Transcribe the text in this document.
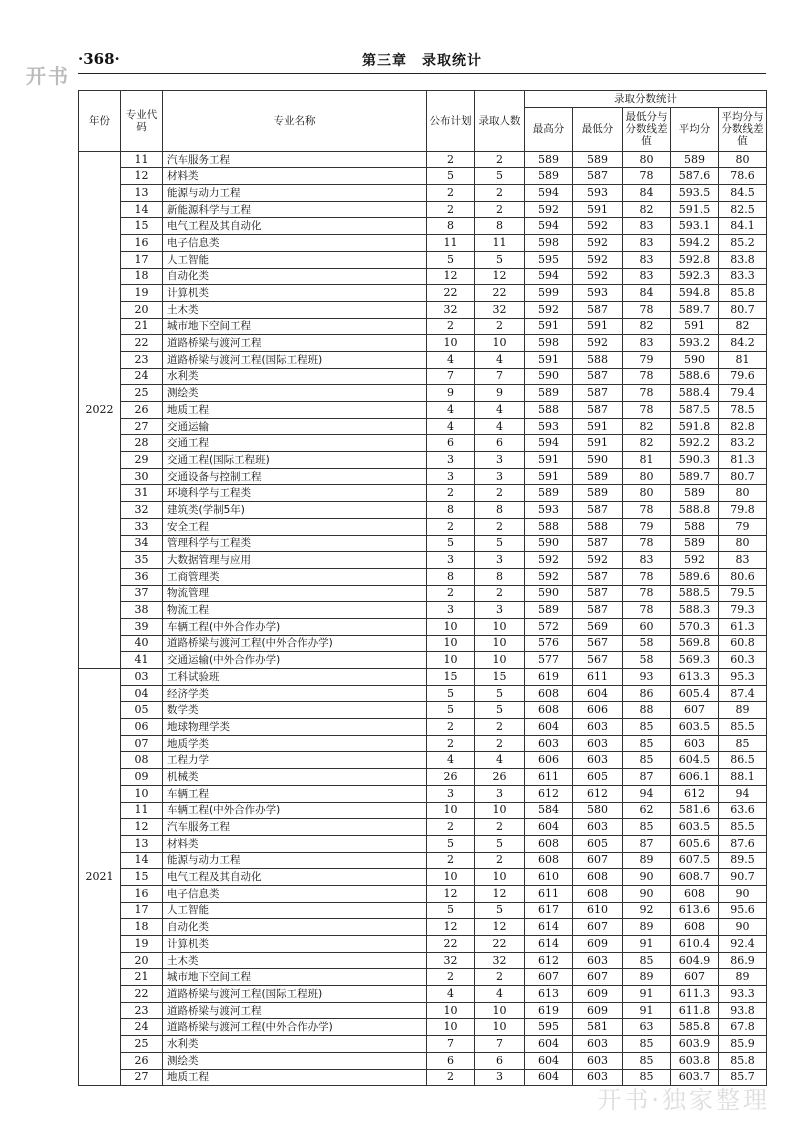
开书
·368·	第三章　录取统计
年份	专业代码	专业名称	公布计划	录取人数	录取分数统计				
					最高分	最低分	最低分与分数线差值	平均分	平均分与分数线差值
2022	11	汽车服务工程	2	2	589	589	80	589	80
	12	材料类	5	5	589	587	78	587.6	78.6
	13	能源与动力工程	2	2	594	593	84	593.5	84.5
	14	新能源科学与工程	2	2	592	591	82	591.5	82.5
	15	电气工程及其自动化	8	8	594	592	83	593.1	84.1
	16	电子信息类	11	11	598	592	83	594.2	85.2
	17	人工智能	5	5	595	592	83	592.8	83.8
	18	自动化类	12	12	594	592	83	592.3	83.3
	19	计算机类	22	22	599	593	84	594.8	85.8
	20	土木类	32	32	592	587	78	589.7	80.7
	21	城市地下空间工程	2	2	591	591	82	591	82
	22	道路桥梁与渡河工程	10	10	598	592	83	593.2	84.2
	23	道路桥梁与渡河工程(国际工程班)	4	4	591	588	79	590	81
	24	水利类	7	7	590	587	78	588.6	79.6
	25	测绘类	9	9	589	587	78	588.4	79.4
	26	地质工程	4	4	588	587	78	587.5	78.5
	27	交通运输	4	4	593	591	82	591.8	82.8
	28	交通工程	6	6	594	591	82	592.2	83.2
	29	交通工程(国际工程班)	3	3	591	590	81	590.3	81.3
	30	交通设备与控制工程	3	3	591	589	80	589.7	80.7
	31	环境科学与工程类	2	2	589	589	80	589	80
	32	建筑类(学制5年)	8	8	593	587	78	588.8	79.8
	33	安全工程	2	2	588	588	79	588	79
	34	管理科学与工程类	5	5	590	587	78	589	80
	35	大数据管理与应用	3	3	592	592	83	592	83
	36	工商管理类	8	8	592	587	78	589.6	80.6
	37	物流管理	2	2	590	587	78	588.5	79.5
	38	物流工程	3	3	589	587	78	588.3	79.3
	39	车辆工程(中外合作办学)	10	10	572	569	60	570.3	61.3
	40	道路桥梁与渡河工程(中外合作办学)	10	10	576	567	58	569.8	60.8
	41	交通运输(中外合作办学)	10	10	577	567	58	569.3	60.3
2021	03	工科试验班	15	15	619	611	93	613.3	95.3
	04	经济学类	5	5	608	604	86	605.4	87.4
	05	数学类	5	5	608	606	88	607	89
	06	地球物理学类	2	2	604	603	85	603.5	85.5
	07	地质学类	2	2	603	603	85	603	85
	08	工程力学	4	4	606	603	85	604.5	86.5
	09	机械类	26	26	611	605	87	606.1	88.1
	10	车辆工程	3	3	612	612	94	612	94
	11	车辆工程(中外合作办学)	10	10	584	580	62	581.6	63.6
	12	汽车服务工程	2	2	604	603	85	603.5	85.5
	13	材料类	5	5	608	605	87	605.6	87.6
	14	能源与动力工程	2	2	608	607	89	607.5	89.5
	15	电气工程及其自动化	10	10	610	608	90	608.7	90.7
	16	电子信息类	12	12	611	608	90	608	90
	17	人工智能	5	5	617	610	92	613.6	95.6
	18	自动化类	12	12	614	607	89	608	90
	19	计算机类	22	22	614	609	91	610.4	92.4
	20	土木类	32	32	612	603	85	604.9	86.9
	21	城市地下空间工程	2	2	607	607	89	607	89
	22	道路桥梁与渡河工程(国际工程班)	4	4	613	609	91	611.3	93.3
	23	道路桥梁与渡河工程	10	10	619	609	91	611.8	93.8
	24	道路桥梁与渡河工程(中外合作办学)	10	10	595	581	63	585.8	67.8
	25	水利类	7	7	604	603	85	603.9	85.9
	26	测绘类	6	6	604	603	85	603.8	85.8
	27	地质工程	2	3	604	603	85	603.7	85.7
开书·独家整理
